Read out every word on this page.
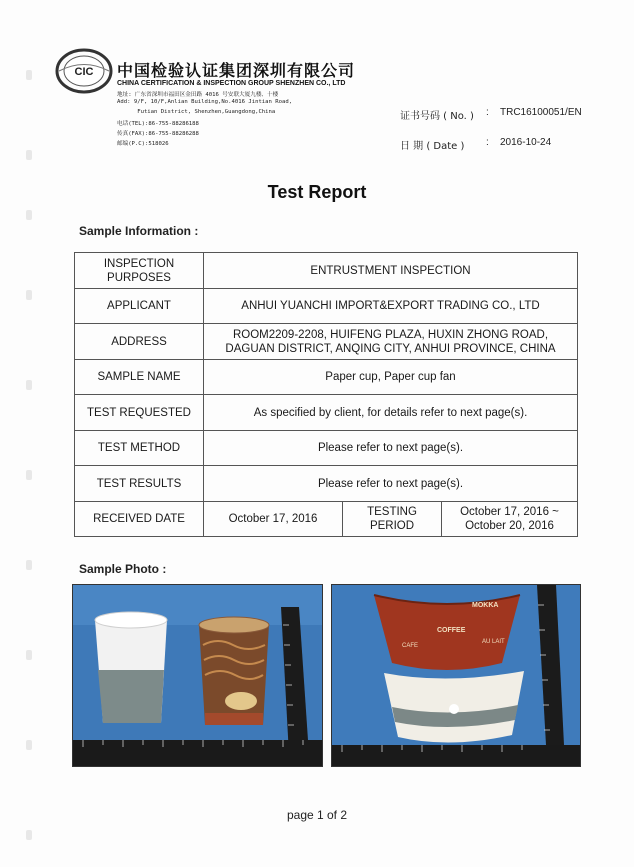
CIC 中国检验认证集团深圳有限公司
CHINA CERTIFICATION & INSPECTION GROUP SHENZHEN CO., LTD
地址: 广东省深圳市福田区金田路 4016 号安联大厦九楼、十楼
Add: 9/F, 10/F,Anlian Building,No.4016 Jintian Road,
Futian District, Shenzhen,Guangdong,China
电话(TEL):86-755-88286188
传真(FAX):86-755-88286288
邮编(P.C):518026
证书号码 ( No. ) : TRC16100051/EN
日 期 ( Date ) : 2016-10-24
Test Report
Sample Information :
INSPECTION PURPOSES	ENTRUSTMENT INSPECTION		
APPLICANT	ANHUI YUANCHI IMPORT&EXPORT TRADING CO., LTD		
ADDRESS	ROOM2209-2208, HUIFENG PLAZA, HUXIN ZHONG ROAD,
DAGUAN DISTRICT, ANQING CITY, ANHUI PROVINCE, CHINA		

SAMPLE NAME	Paper cup, Paper cup fan		
TEST REQUESTED	As specified by client, for details refer to next page(s).		
TEST METHOD	Please refer to next page(s).		
TEST RESULTS	Please refer to next page(s).		
RECEIVED DATE	October 17, 2016	TESTING PERIOD	October 17, 2016 ~
October 20, 2016
Sample Photo :
MOKKA
COFFEE
CAFE
AU LAIT
page 1 of 2
